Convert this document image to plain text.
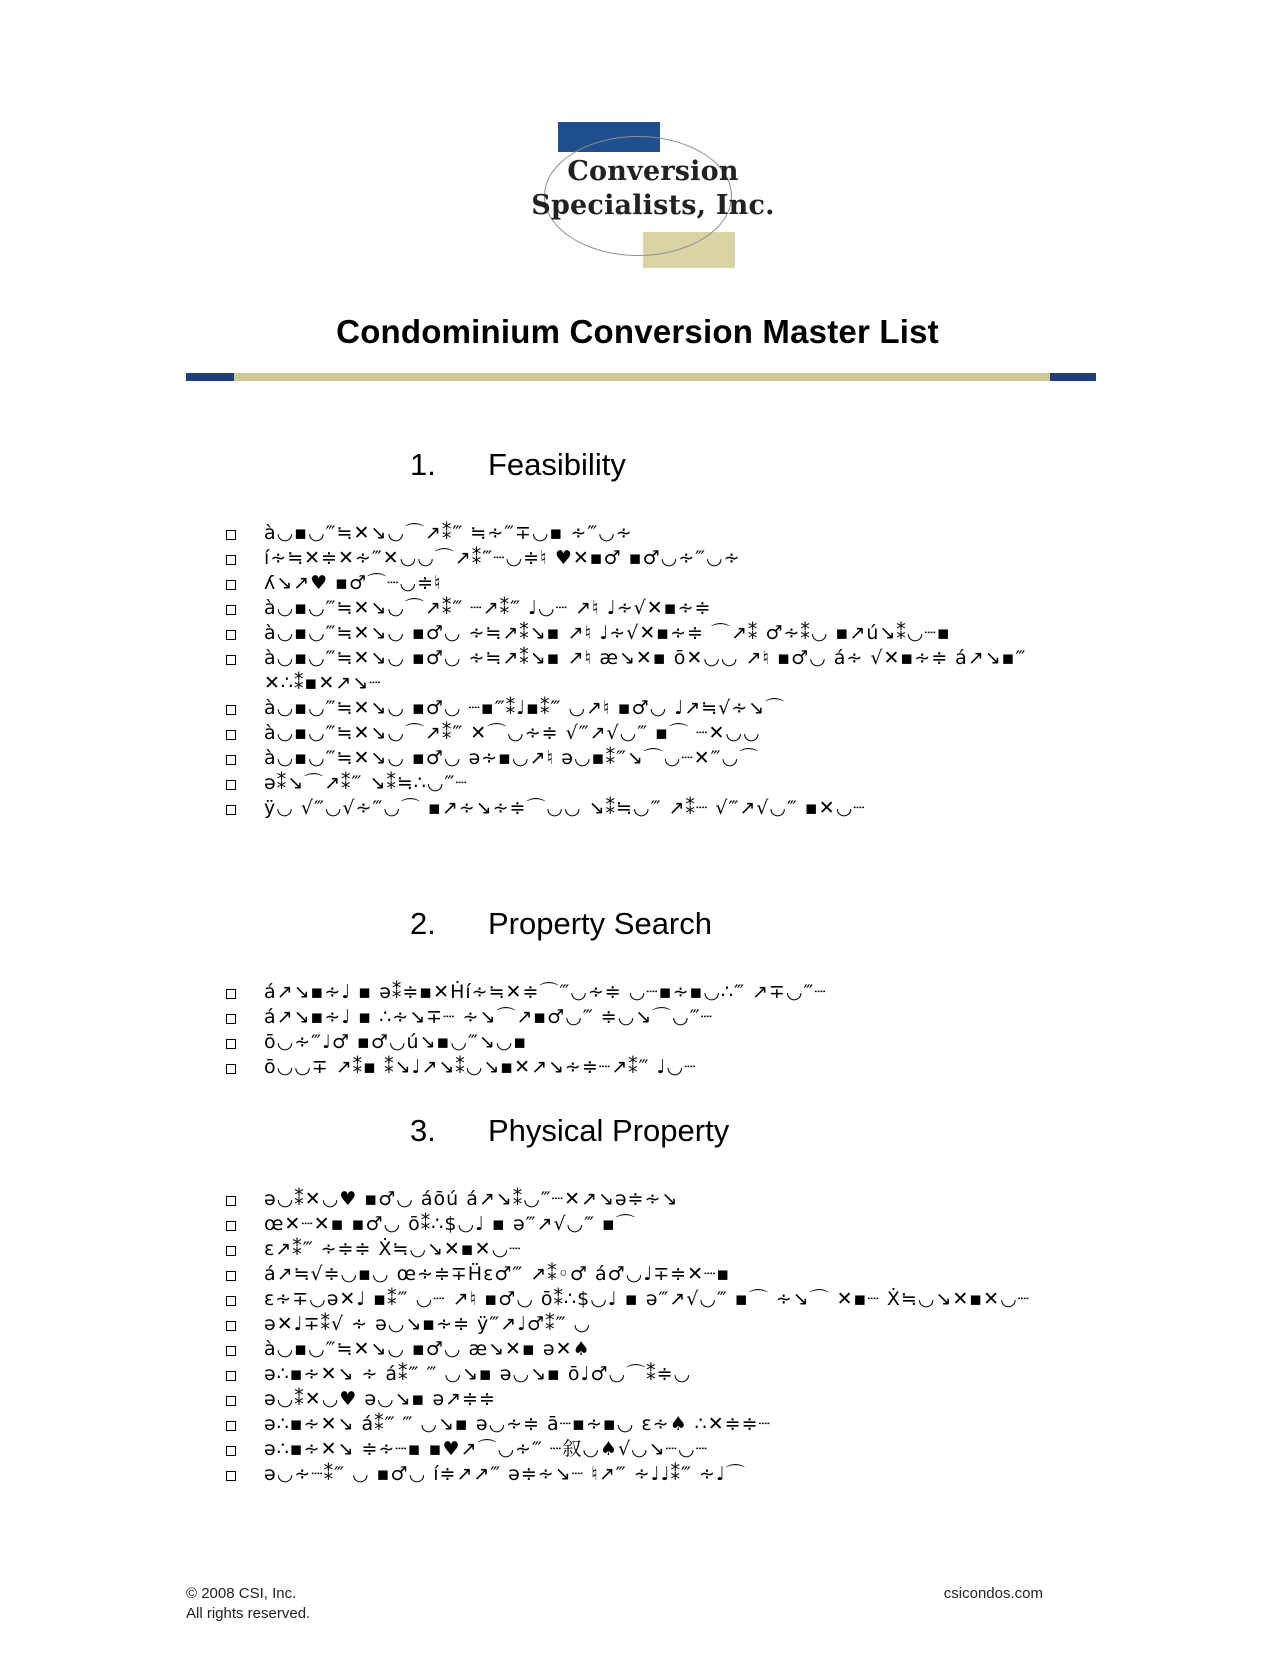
Conversion
Specialists, Inc.
Condominium Conversion Master List
1. Feasibility
à◡▪◡‴≒✕↘◡⌒↗⁑‴ ≒∻‴∓◡▪ ∻‴◡∻
í∻≒✕≑✕∻‴✕◡◡⌒↗⁑‴┈◡≑♮ ♥✕▪♂ ▪♂◡∻‴◡∻
ʎ↘↗♥ ▪♂⌒┈◡≑♮
à◡▪◡‴≒✕↘◡⌒↗⁑‴ ┈↗⁑‴ ♩◡┈ ↗♮ ♩∻√✕▪∻≑
à◡▪◡‴≒✕↘◡ ▪♂◡ ∻≒↗⁑↘▪ ↗♮ ♩∻√✕▪∻≑ ⌒↗⁑ ♂∻⁑◡ ▪↗ú↘⁑◡┈▪
à◡▪◡‴≒✕↘◡ ▪♂◡ ∻≒↗⁑↘▪ ↗♮ æ↘✕▪ ō✕◡◡ ↗♮ ▪♂◡ á∻ √✕▪∻≑ á↗↘▪‴ ✕∴⁑▪✕↗↘┈
à◡▪◡‴≒✕↘◡ ▪♂◡ ┈▪‴⁑♩▪⁑‴ ◡↗♮ ▪♂◡ ♩↗≒√∻↘⌒
à◡▪◡‴≒✕↘◡⌒↗⁑‴ ✕⌒◡∻≑ √‴↗√◡‴ ▪⌒ ┈✕◡◡
à◡▪◡‴≒✕↘◡ ▪♂◡ ə∻▪◡↗♮ ə◡▪⁑‴↘⌒◡┈✕‴◡⌒
ə⁑↘⌒↗⁑‴ ↘⁑≒∴◡‴┈
ÿ◡ √‴◡√∻‴◡⌒ ▪↗∻↘∻≑⌒◡◡ ↘⁑≒◡‴ ↗⁑┈ √‴↗√◡‴ ▪✕◡┈
2. Property Search
á↗↘▪∻♩ ▪ ə⁑≑▪✕Ḣí∻≒✕≑⌒‴◡∻≑ ◡┈▪∻▪◡∴‴ ↗∓◡‴┈
á↗↘▪∻♩ ▪ ∴∻↘∓┈ ∻↘⌒↗▪♂◡‴ ≑◡↘⌒◡‴┈
ō◡∻‴♩♂ ▪♂◡ú↘▪◡‴↘◡▪
ō◡◡∓ ↗⁑▪ ⁑↘♩↗↘⁑◡↘▪✕↗↘∻≑┈↗⁑‴ ♩◡┈
3. Physical Property
ə◡⁑✕◡♥ ▪♂◡ áōú á↗↘⁑◡‴┈✕↗↘ə≑∻↘
œ✕┈✕▪ ▪♂◡ ō⁑∴$◡♩ ▪ ə‴↗√◡‴ ▪⌒
ɛ↗⁑‴ ∻≑≑ Ẋ≒◡↘✕▪✕◡┈
á↗≒√≑◡▪◡ œ∻≑∓Ḧɛ♂‴ ↗⁑◦♂ á♂◡♩∓≑✕┈▪
ɛ∻∓◡ə✕♩ ▪⁑‴ ◡┈ ↗♮ ▪♂◡ ō⁑∴$◡♩ ▪ ə‴↗√◡‴ ▪⌒ ∻↘⌒ ✕▪┈ Ẋ≒◡↘✕▪✕◡┈
ə✕♩∓⁑√ ∻ ə◡↘▪∻≑ ÿ‴↗♩♂⁑‴ ◡
à◡▪◡‴≒✕↘◡ ▪♂◡ æ↘✕▪ ə✕♠
ə∴▪∻✕↘ ∻ á⁑‴ ‴ ◡↘▪ ə◡↘▪ ō♩♂◡⌒⁑≑◡
ə◡⁑✕◡♥ ə◡↘▪ ə↗≑≑
ə∴▪∻✕↘ á⁑‴ ‴ ◡↘▪ ə◡∻≑ ā┈▪∻▪◡ ɛ∻♠ ∴✕≑≑┈
ə∴▪∻✕↘ ≑∻┈▪ ▪♥↗⌒◡∻‴ ┈叙◡♠√◡↘┈◡┈
ə◡∻┈⁑‴ ◡ ▪♂◡ í≑↗↗‴ ə≑∻↘┈ ♮↗‴ ∻♩♩⁑‴ ∻♩⌒
© 2008 CSI, Inc.
All rights reserved.
csicondos.com
